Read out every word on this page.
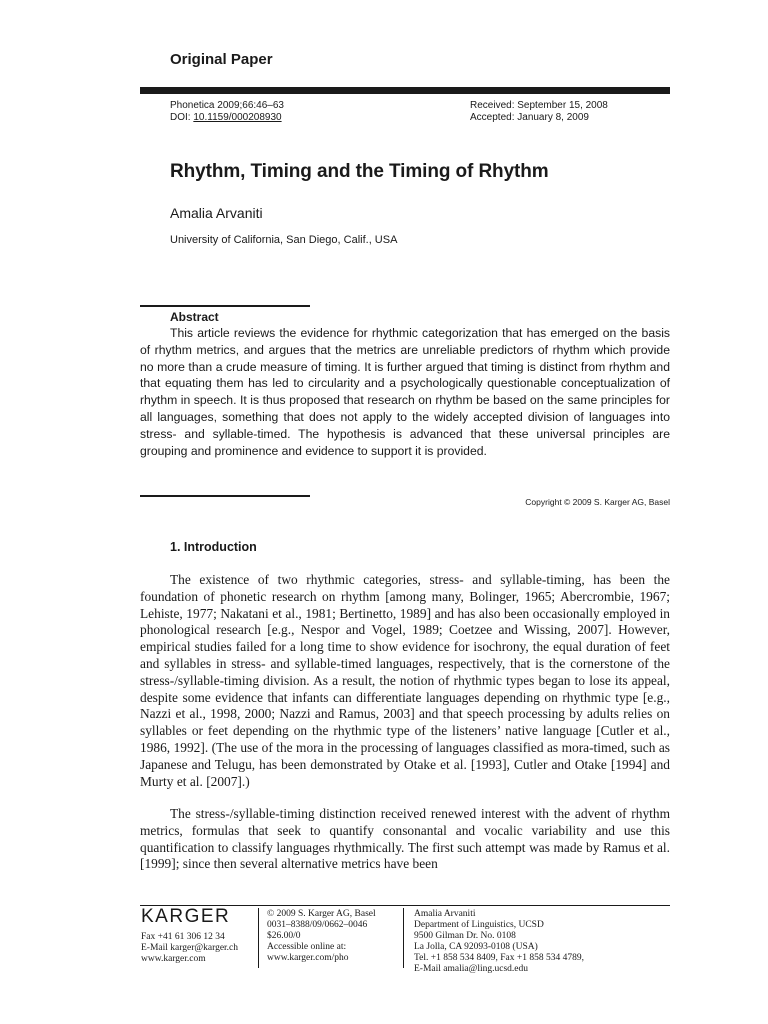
Original Paper
Phonetica 2009;66:46–63
DOI: 10.1159/000208930
Received: September 15, 2008
Accepted: January 8, 2009
Rhythm, Timing and the Timing of Rhythm
Amalia Arvaniti
University of California, San Diego, Calif., USA
Abstract
This article reviews the evidence for rhythmic categorization that has emerged on the basis of rhythm metrics, and argues that the metrics are unreliable predictors of rhythm which provide no more than a crude measure of timing. It is further argued that timing is distinct from rhythm and that equating them has led to circularity and a psychologically questionable conceptualization of rhythm in speech. It is thus proposed that research on rhythm be based on the same principles for all languages, something that does not apply to the widely accepted division of languages into stress- and syllable-timed. The hypothesis is advanced that these universal principles are grouping and prominence and evidence to support it is provided.
Copyright © 2009 S. Karger AG, Basel
1. Introduction
The existence of two rhythmic categories, stress- and syllable-timing, has been the foundation of phonetic research on rhythm [among many, Bolinger, 1965; Abercrombie, 1967; Lehiste, 1977; Nakatani et al., 1981; Bertinetto, 1989] and has also been occasionally employed in phonological research [e.g., Nespor and Vogel, 1989; Coetzee and Wissing, 2007]. However, empirical studies failed for a long time to show evidence for isochrony, the equal duration of feet and syllables in stress- and syllable-timed languages, respectively, that is the cornerstone of the stress-/syllable-timing division. As a result, the notion of rhythmic types began to lose its appeal, despite some evidence that infants can differentiate languages depending on rhythmic type [e.g., Nazzi et al., 1998, 2000; Nazzi and Ramus, 2003] and that speech processing by adults relies on syllables or feet depending on the rhythmic type of the listeners’ native language [Cutler et al., 1986, 1992]. (The use of the mora in the processing of languages classified as mora-timed, such as Japanese and Telugu, has been demonstrated by Otake et al. [1993], Cutler and Otake [1994] and Murty et al. [2007].)
The stress-/syllable-timing distinction received renewed interest with the advent of rhythm metrics, formulas that seek to quantify consonantal and vocalic variability and use this quantification to classify languages rhythmically. The first such attempt was made by Ramus et al. [1999]; since then several alternative metrics have been
KARGER
Fax +41 61 306 12 34
E-Mail karger@karger.ch
www.karger.com
© 2009 S. Karger AG, Basel
0031–8388/09/0662–0046
$26.00/0
Accessible online at:
www.karger.com/pho
Amalia Arvaniti
Department of Linguistics, UCSD
9500 Gilman Dr. No. 0108
La Jolla, CA 92093-0108 (USA)
Tel. +1 858 534 8409, Fax +1 858 534 4789,
E-Mail amalia@ling.ucsd.edu
